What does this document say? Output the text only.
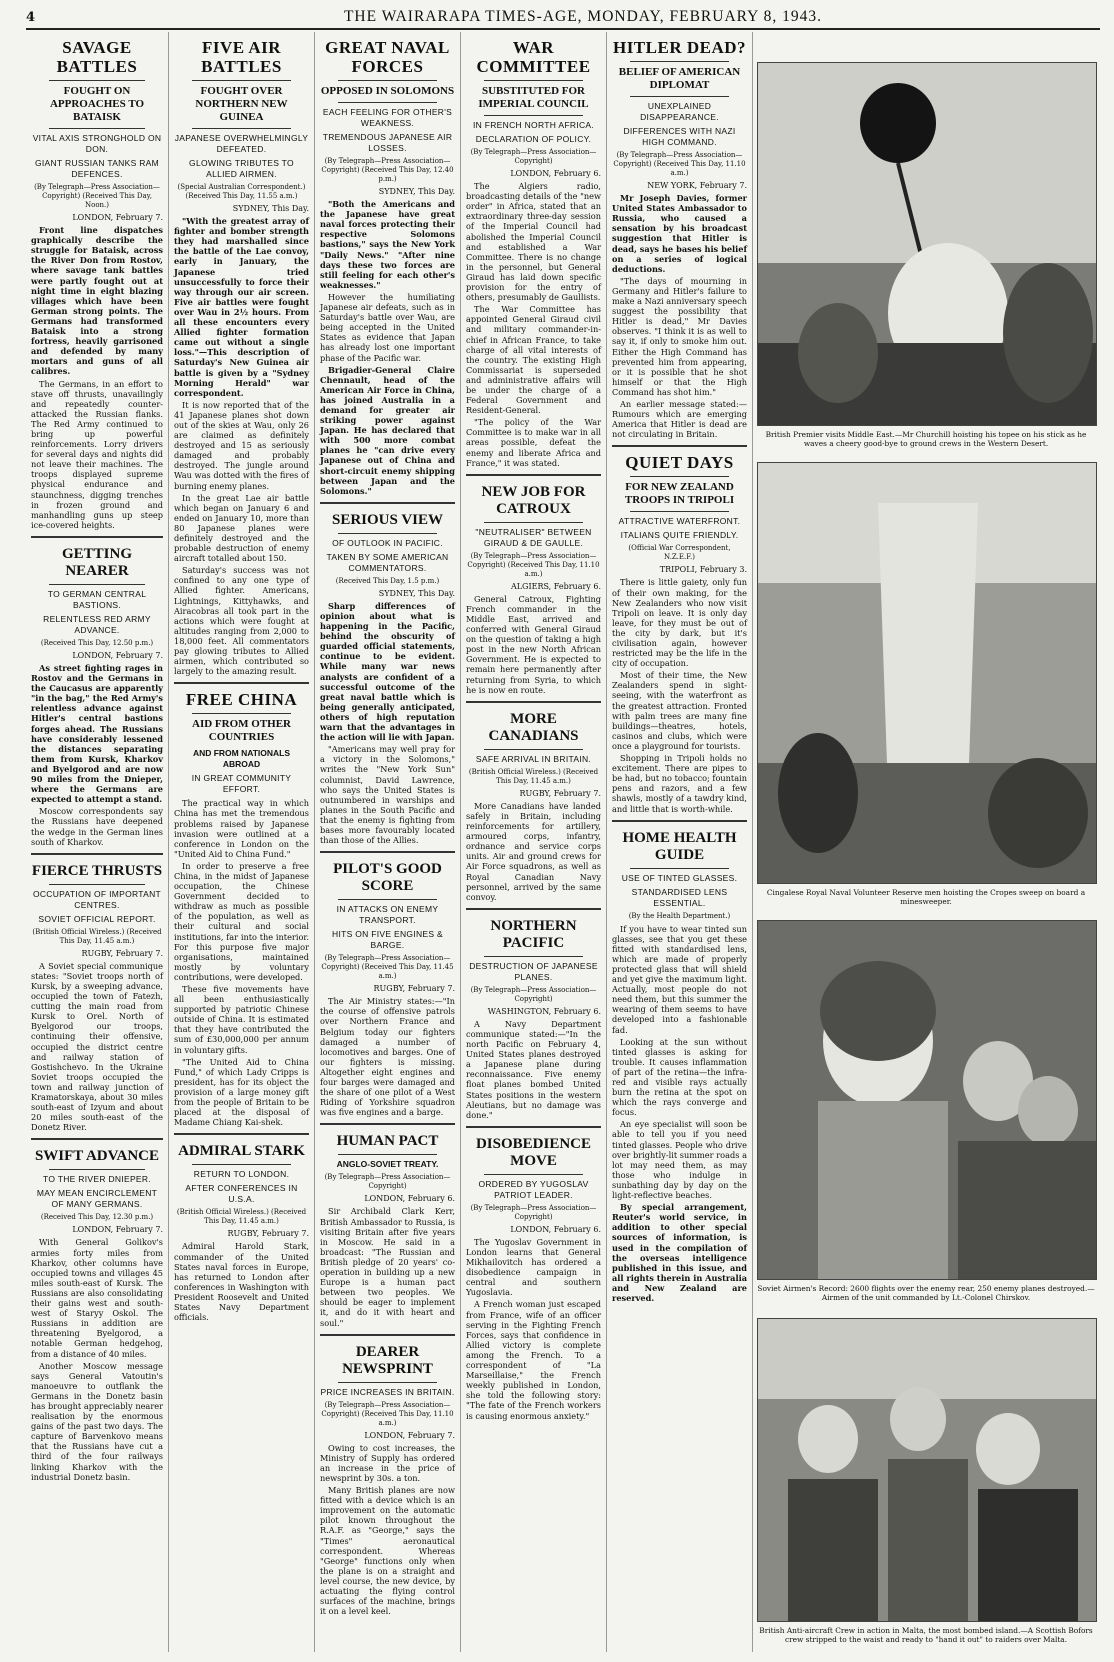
4	THE WAIRARAPA TIMES-AGE, MONDAY, FEBRUARY 8, 1943.
SAVAGE BATTLES
FOUGHT ON APPROACHES TO BATAISK
VITAL AXIS STRONGHOLD ON DON.
GIANT RUSSIAN TANKS RAM DEFENCES.
(By Telegraph—Press Association—Copyright) (Received This Day, Noon.)
LONDON, February 7.

Front line dispatches graphically describe the struggle for Bataisk, across the River Don from Rostov, where savage tank battles were partly fought out at night time in eight blazing villages which have been German strong points. The Germans had transformed Bataisk into a strong fortress, heavily garrisoned and defended by many mortars and guns of all calibres.

The Germans, in an effort to stave off thrusts, unavailingly and repeatedly counter-attacked the Russian flanks. The Red Army continued to bring up powerful reinforcements. Lorry drivers for several days and nights did not leave their machines. The troops displayed supreme physical endurance and staunchness, digging trenches in frozen ground and manhandling guns up steep ice-covered heights.

GETTING NEARER
TO GERMAN CENTRAL BASTIONS.
RELENTLESS RED ARMY ADVANCE.
(Received This Day, 12.50 p.m.)
LONDON, February 7.

As street fighting rages in Rostov and the Germans in the Caucasus are apparently "in the bag," the Red Army's relentless advance against Hitler's central bastions forges ahead. The Russians have considerably lessened the distances separating them from Kursk, Kharkov and Byelgorod and are now 90 miles from the Dnieper, where the Germans are expected to attempt a stand.

Moscow correspondents say the Russians have deepened the wedge in the German lines south of Kharkov.

FIERCE THRUSTS
OCCUPATION OF IMPORTANT CENTRES.
SOVIET OFFICIAL REPORT.
(British Official Wireless.) (Received This Day, 11.45 a.m.)
RUGBY, February 7.

A Soviet special communique states: "Soviet troops north of Kursk, by a sweeping advance, occupied the town of Fatezh, cutting the main road from Kursk to Orel. North of Byelgorod our troops, continuing their offensive, occupied the district centre and railway station of Gostishchevo. In the Ukraine Soviet troops occupied the town and railway junction of Kramatorskaya, about 30 miles south-east of Izyum and about 20 miles south-east of the Donetz River.

SWIFT ADVANCE
TO THE RIVER DNIEPER.
MAY MEAN ENCIRCLEMENT OF MANY GERMANS.
(Received This Day, 12.30 p.m.)
LONDON, February 7.

With General Golikov's armies forty miles from Kharkov, other columns have occupied towns and villages 45 miles south-east of Kursk. The Russians are also consolidating their gains west and south-west of Staryy Oskol. The Russians in addition are threatening Byelgorod, a notable German hedgehog, from a distance of 40 miles.

Another Moscow message says General Vatoutin's manoeuvre to outflank the Germans in the Donetz basin has brought appreciably nearer realisation by the enormous gains of the past two days. The capture of Barvenkovo means that the Russians have cut a third of the four railways linking Kharkov with the industrial Donetz basin.

FIVE AIR BATTLES
FOUGHT OVER NORTHERN NEW GUINEA
JAPANESE OVERWHELMINGLY DEFEATED.
GLOWING TRIBUTES TO ALLIED AIRMEN.
(Special Australian Correspondent.) (Received This Day, 11.55 a.m.)
SYDNEY, This Day.

"With the greatest array of fighter and bomber strength they had marshalled since the battle of the Lae convoy, early in January, the Japanese tried unsuccessfully to force their way through our air screen. Five air battles were fought over Wau in 2½ hours. From all these encounters every Allied fighter formation came out without a single loss."—This description of Saturday's New Guinea air battle is given by a "Sydney Morning Herald" war correspondent.

It is now reported that of the 41 Japanese planes shot down out of the skies at Wau, only 26 are claimed as definitely destroyed and 15 as seriously damaged and probably destroyed. The jungle around Wau was dotted with the fires of burning enemy planes.

In the great Lae air battle which began on January 6 and ended on January 10, more than 80 Japanese planes were definitely destroyed and the probable destruction of enemy aircraft totalled about 150.

Saturday's success was not confined to any one type of Allied fighter. Americans, Lightnings, Kittyhawks, and Airacobras all took part in the actions which were fought at altitudes ranging from 2,000 to 18,000 feet. All commentators pay glowing tributes to Allied airmen, which contributed so largely to the amazing result.

FREE CHINA
AID FROM OTHER COUNTRIES
AND FROM NATIONALS ABROAD
IN GREAT COMMUNITY EFFORT.

The practical way in which China has met the tremendous problems raised by Japanese invasion were outlined at a conference in London on the "United Aid to China Fund."

In order to preserve a free China, in the midst of Japanese occupation, the Chinese Government decided to withdraw as much as possible of the population, as well as their cultural and social institutions, far into the interior. For this purpose five major organisations, maintained mostly by voluntary contributions, were developed.

These five movements have all been enthusiastically supported by patriotic Chinese outside of China. It is estimated that they have contributed the sum of £30,000,000 per annum in voluntary gifts.

"The United Aid to China Fund," of which Lady Cripps is president, has for its object the provision of a large money gift from the people of Britain to be placed at the disposal of Madame Chiang Kai-shek.

ADMIRAL STARK
RETURN TO LONDON.
AFTER CONFERENCES IN U.S.A.
(British Official Wireless.) (Received This Day, 11.45 a.m.)
RUGBY, February 7.

Admiral Harold Stark, commander of the United States naval forces in Europe, has returned to London after conferences in Washington with President Roosevelt and United States Navy Department officials.

GREAT NAVAL FORCES
OPPOSED IN SOLOMONS
EACH FEELING FOR OTHER'S WEAKNESS.
TREMENDOUS JAPANESE AIR LOSSES.
(By Telegraph—Press Association—Copyright) (Received This Day, 12.40 p.m.)
SYDNEY, This Day.

"Both the Americans and the Japanese have great naval forces protecting their respective Solomons bastions," says the New York "Daily News." "After nine days these two forces are still feeling for each other's weaknesses."

However the humiliating Japanese air defeats, such as in Saturday's battle over Wau, are being accepted in the United States as evidence that Japan has already lost one important phase of the Pacific war.

Brigadier-General Claire Chennault, head of the American Air Force in China, has joined Australia in a demand for greater air striking power against Japan. He has declared that with 500 more combat planes he "can drive every Japanese out of China and short-circuit enemy shipping between Japan and the Solomons."

SERIOUS VIEW
OF OUTLOOK IN PACIFIC.
TAKEN BY SOME AMERICAN COMMENTATORS.
(Received This Day, 1.5 p.m.)
SYDNEY, This Day.

Sharp differences of opinion about what is happening in the Pacific, behind the obscurity of guarded official statements, continue to be evident. While many war news analysts are confident of a successful outcome of the great naval battle which is being generally anticipated, others of high reputation warn that the advantages in the action will lie with Japan.

"Americans may well pray for a victory in the Solomons," writes the "New York Sun" columnist, David Lawrence, who says the United States is outnumbered in warships and planes in the South Pacific and that the enemy is fighting from bases more favourably located than those of the Allies.

PILOT'S GOOD SCORE
IN ATTACKS ON ENEMY TRANSPORT.
HITS ON FIVE ENGINES & BARGE.
(By Telegraph—Press Association—Copyright) (Received This Day, 11.45 a.m.)
RUGBY, February 7.

The Air Ministry states:—"In the course of offensive patrols over Northern France and Belgium today our fighters damaged a number of locomotives and barges. One of our fighters is missing. Altogether eight engines and four barges were damaged and the share of one pilot of a West Riding of Yorkshire squadron was five engines and a barge.

HUMAN PACT
ANGLO-SOVIET TREATY.
(By Telegraph—Press Association—Copyright)
LONDON, February 6.

Sir Archibald Clark Kerr, British Ambassador to Russia, is visiting Britain after five years in Moscow. He said in a broadcast: "The Russian and British pledge of 20 years' co-operation in building up a new Europe is a human pact between two peoples. We should be eager to implement it, and do it with heart and soul."

DEARER NEWSPRINT
PRICE INCREASES IN BRITAIN.
(By Telegraph—Press Association—Copyright) (Received This Day, 11.10 a.m.)
LONDON, February 7.

Owing to cost increases, the Ministry of Supply has ordered an increase in the price of newsprint by 30s. a ton.

Many British planes are now fitted with a device which is an improvement on the automatic pilot known throughout the R.A.F. as "George," says the "Times" aeronautical correspondent. Whereas "George" functions only when the plane is on a straight and level course, the new device, by actuating the flying control surfaces of the machine, brings it on a level keel.

WAR COMMITTEE
SUBSTITUTED FOR IMPERIAL COUNCIL
IN FRENCH NORTH AFRICA.
DECLARATION OF POLICY.
(By Telegraph—Press Association—Copyright)
LONDON, February 6.

The Algiers radio, broadcasting details of the "new order" in Africa, stated that an extraordinary three-day session of the Imperial Council had abolished the Imperial Council and established a War Committee. There is no change in the personnel, but General Giraud has laid down specific provision for the entry of others, presumably de Gaullists.

The War Committee has appointed General Giraud civil and military commander-in-chief in African France, to take charge of all vital interests of the country. The existing High Commissariat is superseded and administrative affairs will be under the charge of a Federal Government and Resident-General.

"The policy of the War Committee is to make war in all areas possible, defeat the enemy and liberate Africa and France," it was stated.

NEW JOB FOR CATROUX
"NEUTRALISER" BETWEEN GIRAUD & DE GAULLE.
(By Telegraph—Press Association—Copyright) (Received This Day, 11.10 a.m.)
ALGIERS, February 6.

General Catroux, Fighting French commander in the Middle East, arrived and conferred with General Giraud on the question of taking a high post in the new North African Government. He is expected to remain here permanently after returning from Syria, to which he is now en route.

MORE CANADIANS
SAFE ARRIVAL IN BRITAIN.
(British Official Wireless.) (Received This Day, 11.45 a.m.)
RUGBY, February 7.

More Canadians have landed safely in Britain, including reinforcements for artillery, armoured corps, infantry, ordnance and service corps units. Air and ground crews for Air Force squadrons, as well as Royal Canadian Navy personnel, arrived by the same convoy.

NORTHERN PACIFIC
DESTRUCTION OF JAPANESE PLANES.
(By Telegraph—Press Association—Copyright)
WASHINGTON, February 6.

A Navy Department communique stated:—"In the north Pacific on February 4, United States planes destroyed a Japanese plane during reconnaissance. Five enemy float planes bombed United States positions in the western Aleutians, but no damage was done."

DISOBEDIENCE MOVE
ORDERED BY YUGOSLAV PATRIOT LEADER.
(By Telegraph—Press Association—Copyright)
LONDON, February 6.

The Yugoslav Government in London learns that General Mikhailovitch has ordered a disobedience campaign in central and southern Yugoslavia.

A French woman just escaped from France, wife of an officer serving in the Fighting French Forces, says that confidence in Allied victory is complete among the French. To a correspondent of "La Marseillaise," the French weekly published in London, she told the following story: "The fate of the French workers is causing enormous anxiety."

HITLER DEAD?
BELIEF OF AMERICAN DIPLOMAT
UNEXPLAINED DISAPPEARANCE.
DIFFERENCES WITH NAZI HIGH COMMAND.
(By Telegraph—Press Association—Copyright) (Received This Day, 11.10 a.m.)
NEW YORK, February 7.

Mr Joseph Davies, former United States Ambassador to Russia, who caused a sensation by his broadcast suggestion that Hitler is dead, says he bases his belief on a series of logical deductions.

"The days of mourning in Germany and Hitler's failure to make a Nazi anniversary speech suggest the possibility that Hitler is dead," Mr Davies observes. "I think it is as well to say it, if only to smoke him out. Either the High Command has prevented him from appearing, or it is possible that he shot himself or that the High Command has shot him."

An earlier message stated:—Rumours which are emerging America that Hitler is dead are not circulating in Britain.

QUIET DAYS
FOR NEW ZEALAND TROOPS IN TRIPOLI
ATTRACTIVE WATERFRONT.
ITALIANS QUITE FRIENDLY.
(Official War Correspondent, N.Z.E.F.)
TRIPOLI, February 3.

There is little gaiety, only fun of their own making, for the New Zealanders who now visit Tripoli on leave. It is only day leave, for they must be out of the city by dark, but it's civilisation again, however restricted may be the life in the city of occupation.

Most of their time, the New Zealanders spend in sight-seeing, with the waterfront as the greatest attraction. Fronted with palm trees are many fine buildings—theatres, hotels, casinos and clubs, which were once a playground for tourists.

Shopping in Tripoli holds no excitement. There are pipes to be had, but no tobacco; fountain pens and razors, and a few shawls, mostly of a tawdry kind, and little that is worth-while.

HOME HEALTH GUIDE
USE OF TINTED GLASSES.
STANDARDISED LENS ESSENTIAL.
(By the Health Department.)

If you have to wear tinted sun glasses, see that you get these fitted with standardised lens, which are made of properly protected glass that will shield and yet give the maximum light. Actually, most people do not need them, but this summer the wearing of them seems to have developed into a fashionable fad.

Looking at the sun without tinted glasses is asking for trouble. It causes inflammation of part of the retina—the infra-red and visible rays actually burn the retina at the spot on which the rays converge and focus.

An eye specialist will soon be able to tell you if you need tinted glasses. People who drive over brightly-lit summer roads a lot may need them, as may those who indulge in sunbathing day by day on the light-reflective beaches.

By special arrangement, Reuter's world service, in addition to other special sources of information, is used in the compilation of the overseas intelligence published in this issue, and all rights therein in Australia and New Zealand are reserved.

British Premier visits Middle East.—Mr Churchill hoisting his topee on his stick as he waves a cheery good-bye to ground crews in the Western Desert.
Cingalese Royal Naval Volunteer Reserve men hoisting the Cropes sweep on board a minesweeper.
Soviet Airmen's Record: 2600 flights over the enemy rear, 250 enemy planes destroyed.—Airmen of the unit commanded by Lt.-Colonel Chirskov.
British Anti-aircraft Crew in action in Malta, the most bombed island.—A Scottish Bofors crew stripped to the waist and ready to "hand it out" to raiders over Malta.
